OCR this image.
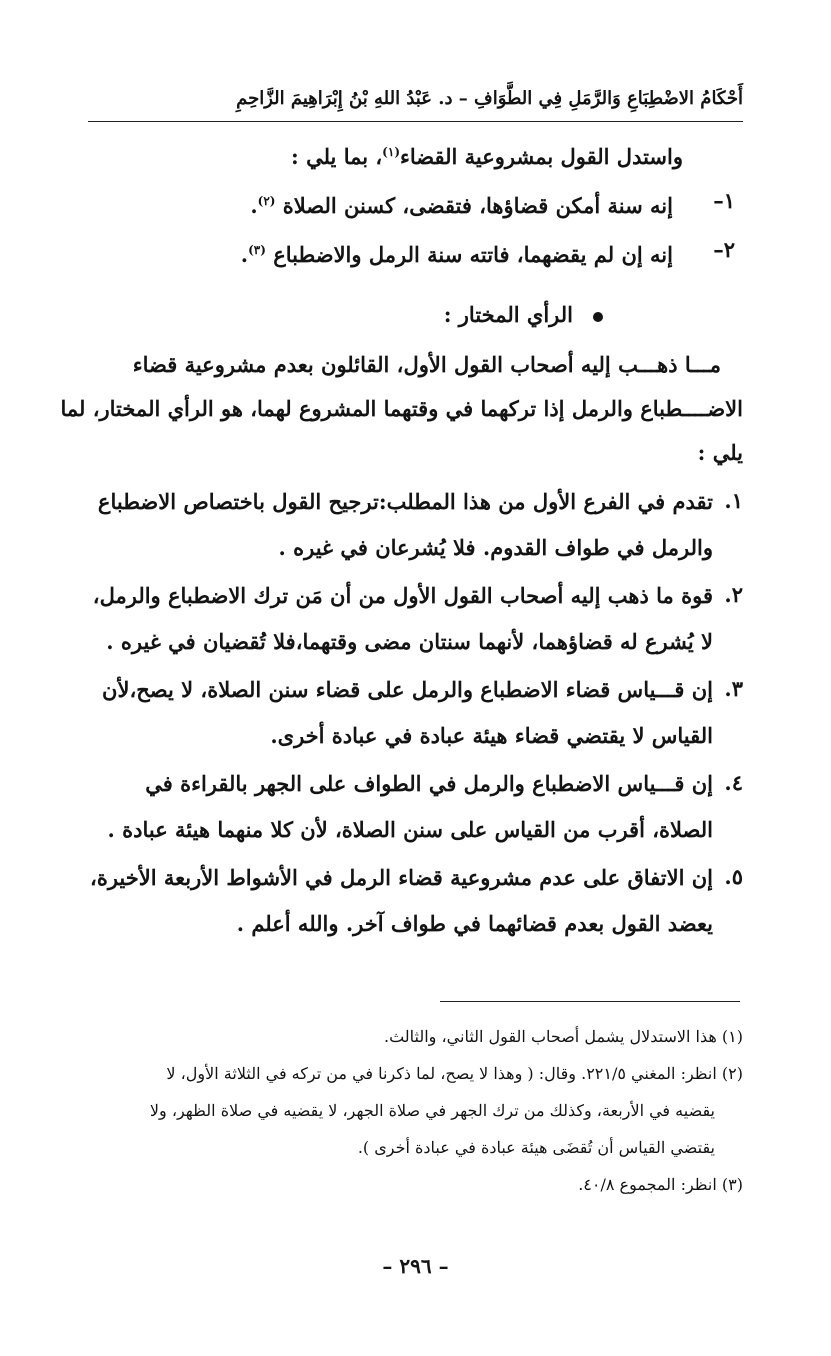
أَحْكَامُ الاضْطِبَاعِ وَالرَّمَلِ فِي الطَّوَافِ – د. عَبْدُ اللهِ بْنُ إِبْرَاهِيمَ الزَّاحِمِ
واستدل القول بمشروعية القضاء$^{(١)}$، بما يلي :
١–
إنه سنة أمكن قضاؤها، فتقضى، كسنن الصلاة $^{(٢)}$.
٢–
إنه إن لم يقضهما، فاتته سنة الرمل والاضطباع $^{(٣)}$.
الرأي المختار :
مـــا ذهـــب إليه أصحاب القول الأول، القائلون بعدم مشروعية قضاء
الاضــــطباع والرمل إذا تركهما في وقتهما المشروع لهما، هو الرأي المختار، لما
يلي :
١.
تقدم في الفرع الأول من هذا المطلب:ترجيح القول باختصاص الاضطباع والرمل في طواف القدوم. فلا يُشرعان في غيره .
٢.
قوة ما ذهب إليه أصحاب القول الأول من أن مَن ترك الاضطباع والرمل، لا يُشرع له قضاؤهما، لأنهما سنتان مضى وقتهما،فلا تُقضيان في غيره .
٣.
إن قـــياس قضاء الاضطباع والرمل على قضاء سنن الصلاة، لا يصح،لأن القياس لا يقتضي قضاء هيئة عبادة في عبادة أخرى.
٤.
إن قـــياس الاضطباع والرمل في الطواف على الجهر بالقراءة في الصلاة، أقرب من القياس على سنن الصلاة، لأن كلا منهما هيئة عبادة .
٥.
إن الاتفاق على عدم مشروعية قضاء الرمل في الأشواط الأربعة الأخيرة، يعضد القول بعدم قضائهما في طواف آخر. والله أعلم .
(١) هذا الاستدلال يشمل أصحاب القول الثاني، والثالث.
(٢) انظر: المغني ٢٢١/٥. وقال: ( وهذا لا يصح، لما ذكرنا في من تركه في الثلاثة الأول، لا
يقضيه في الأربعة، وكذلك من ترك الجهر في صلاة الجهر، لا يقضيه في صلاة الظهر، ولا
يقتضي القياس أن تُقضَى هيئة عبادة في عبادة أخرى ).
(٣) انظر: المجموع ٤٠/٨.
– ٢٩٦ –
